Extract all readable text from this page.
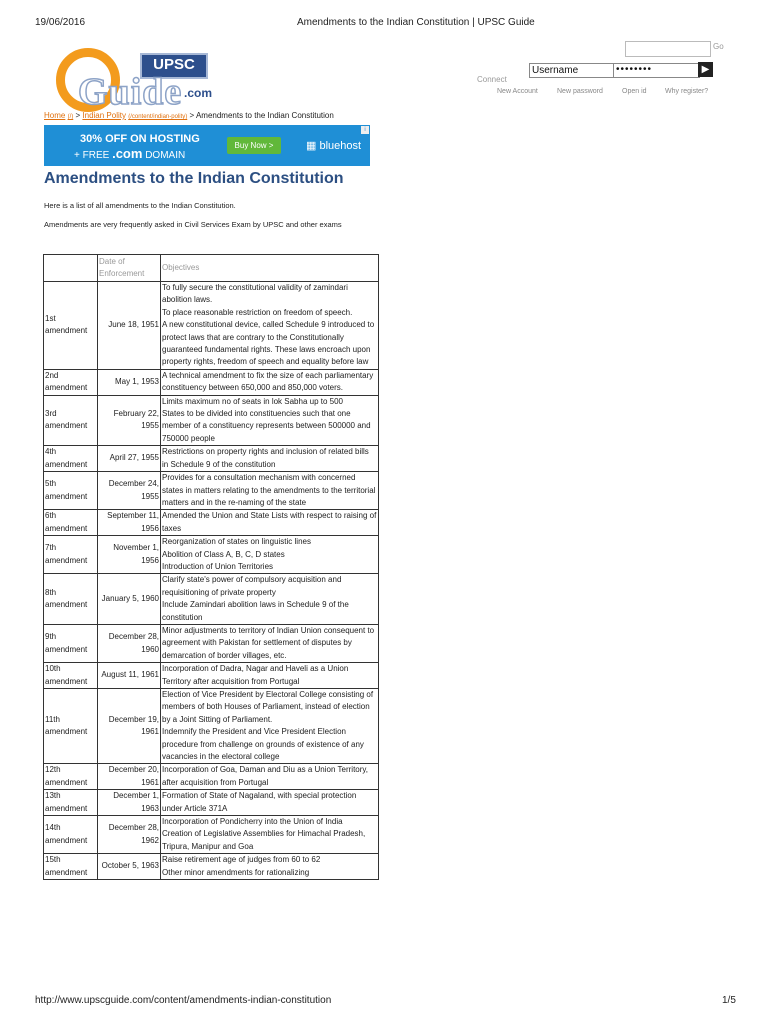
19/06/2016	Amendments to the Indian Constitution | UPSC Guide
UPSC
Guide .com
Go
Connect
Username	••••••••	▶
New Account	New password	Open id	Why register?
Home (/) > Indian Polity (/content/indian-polity) > Amendments to the Indian Constitution
30% OFF ON HOSTING
+ FREE .com DOMAIN
Buy Now >	▦ bluehost
i
Amendments to the Indian Constitution
Here is a list of all amendments to the Indian Constitution.
Amendments are very frequently asked in Civil Services Exam by UPSC and other exams
	Date of Enforcement	Objectives
1st amendment	June 18, 1951	To fully secure the constitutional validity of zamindari abolition laws.
To place reasonable restriction on freedom of speech.
A new constitutional device, called Schedule 9 introduced to protect laws that are contrary to the Constitutionally guaranteed fundamental rights. These laws encroach upon property rights, freedom of speech and equality before law

2nd amendment	May 1, 1953	A technical amendment to fix the size of each parliamentary constituency between 650,000 and 850,000 voters.

3rd amendment	February 22, 1955	Limits maximum no of seats in lok Sabha up to 500
States to be divided into constituencies such that one member of a constituency represents between 500000 and 750000 people

4th amendment	April 27, 1955	Restrictions on property rights and inclusion of related bills in Schedule 9 of the constitution

5th amendment	December 24, 1955	Provides for a consultation mechanism with concerned states in matters relating to the amendments to the territorial matters and in the re-naming of the state

6th amendment	September 11, 1956	Amended the Union and State Lists with respect to raising of taxes

7th amendment	November 1, 1956	Reorganization of states on linguistic lines
Abolition of Class A, B, C, D states
Introduction of Union Territories

8th amendment	January 5, 1960	Clarify state's power of compulsory acquisition and requisitioning of private property
Include Zamindari abolition laws in Schedule 9 of the constitution

9th amendment	December 28, 1960	Minor adjustments to territory of Indian Union consequent to agreement with Pakistan for settlement of disputes by demarcation of border villages, etc.

10th amendment	August 11, 1961	Incorporation of Dadra, Nagar and Haveli as a Union Territory after acquisition from Portugal

11th amendment	December 19, 1961	Election of Vice President by Electoral College consisting of members of both Houses of Parliament, instead of election by a Joint Sitting of Parliament.
Indemnify the President and Vice President Election procedure from challenge on grounds of existence of any vacancies in the electoral college

12th amendment	December 20, 1961	Incorporation of Goa, Daman and Diu as a Union Territory, after acquisition from Portugal

13th amendment	December 1, 1963	Formation of State of Nagaland, with special protection under Article 371A

14th amendment	December 28, 1962	Incorporation of Pondicherry into the Union of India
Creation of Legislative Assemblies for Himachal Pradesh, Tripura, Manipur and Goa

15th amendment	October 5, 1963	Raise retirement age of judges from 60 to 62
Other minor amendments for rationalizing
http://www.upscguide.com/content/amendments-indian-constitution	1/5
